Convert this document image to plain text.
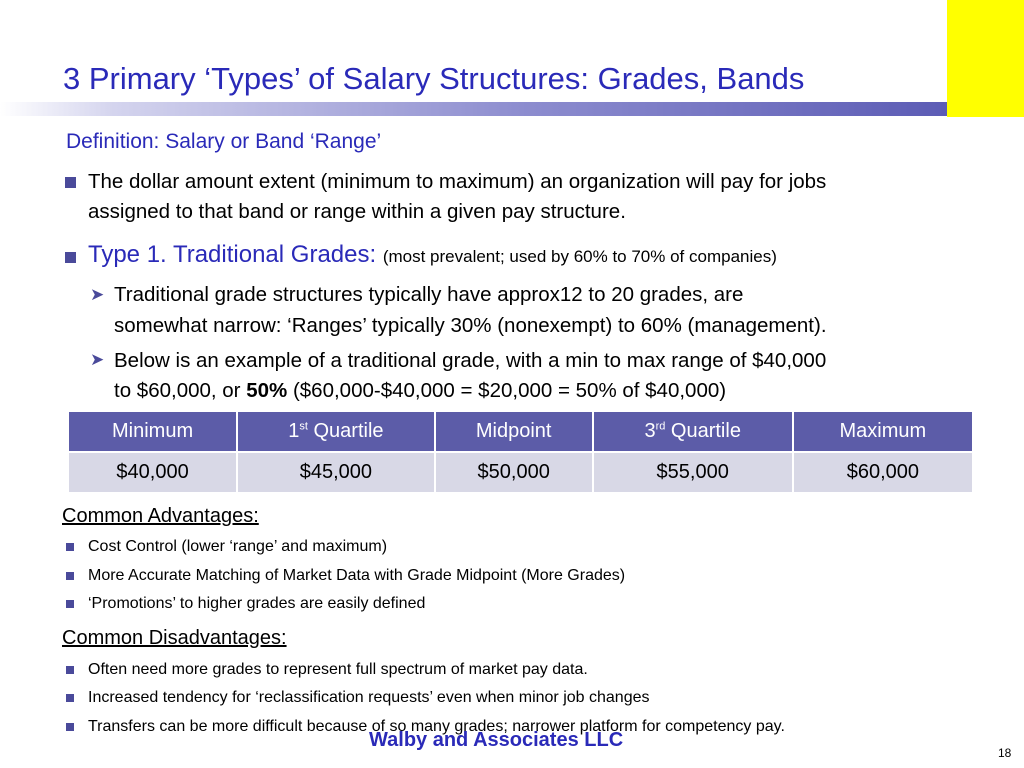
3 Primary ‘Types’ of Salary Structures: Grades, Bands
Definition: Salary or Band ‘Range’
The dollar amount extent (minimum to maximum) an organization will pay for jobs
assigned to that band or range within a given pay structure.
Type 1. Traditional Grades: (most prevalent; used by 60% to 70% of companies)
➤ Traditional grade structures typically have approx12 to 20 grades, are
somewhat narrow: ‘Ranges’ typically 30% (nonexempt) to 60% (management).
➤ Below is an example of a traditional grade, with a min to max range of $40,000
to $60,000, or 50% ($60,000-$40,000 = $20,000 = 50% of $40,000)
Minimum	1st Quartile	Midpoint	3rd Quartile	Maximum
$40,000	$45,000	$50,000	$55,000	$60,000
Common Advantages:
Cost Control (lower ‘range’ and maximum)
More Accurate Matching of Market Data with Grade Midpoint (More Grades)
‘Promotions’ to higher grades are easily defined
Common Disadvantages:
Often need more grades to represent full spectrum of market pay data.
Increased tendency for ‘reclassification requests’ even when minor job changes
Transfers can be more difficult because of so many grades; narrower platform for competency pay.
Walby and Associates LLC
18
